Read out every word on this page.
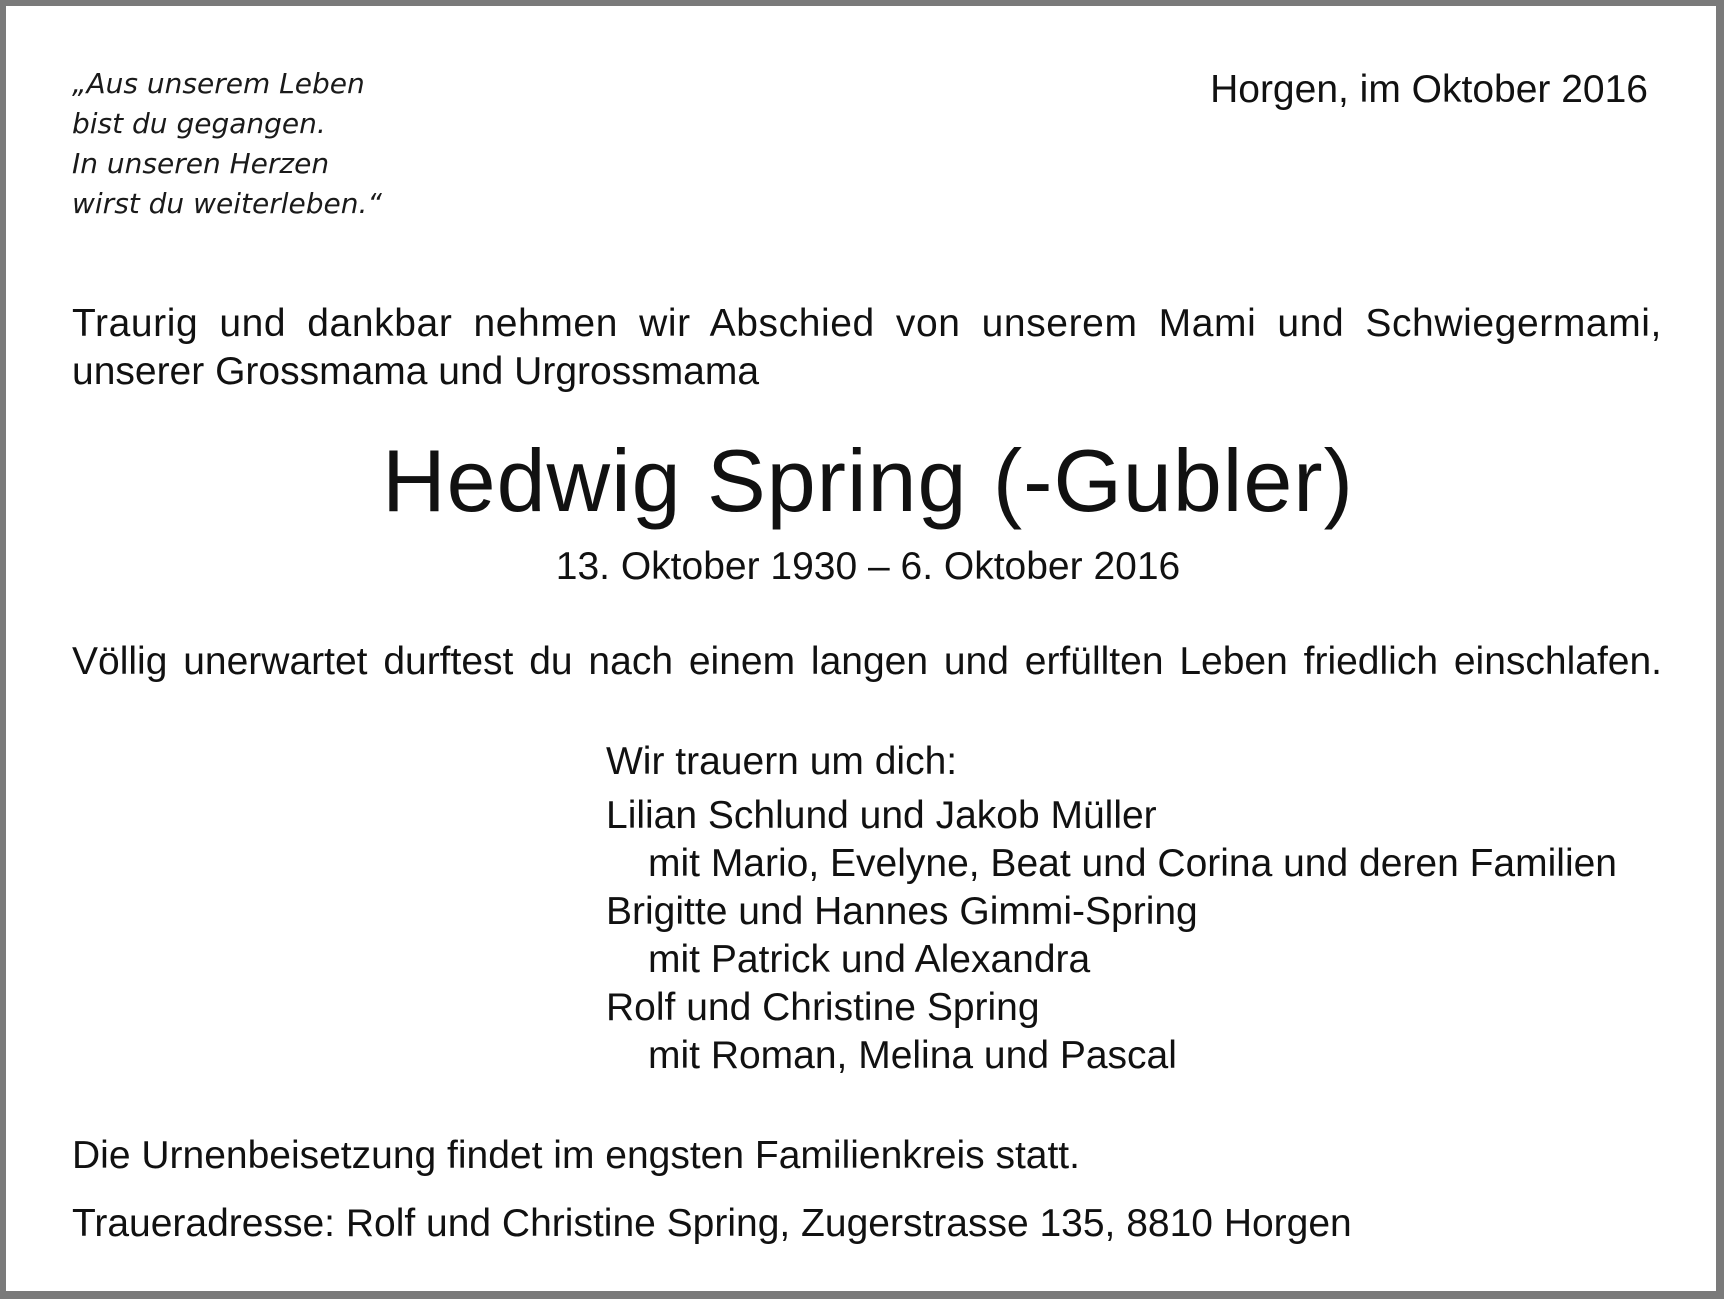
„Aus unserem Leben
bist du gegangen.
In unseren Herzen
wirst du weiterleben.“
Horgen, im Oktober 2016
Traurig und dankbar nehmen wir Abschied von unserem Mami und Schwiegermami,
unserer Grossmama und Urgrossmama
Hedwig Spring (-Gubler)
13. Oktober 1930 – 6. Oktober 2016
Völlig unerwartet durftest du nach einem langen und erfüllten Leben friedlich einschlafen.
Wir trauern um dich:
Lilian Schlund und Jakob Müller
mit Mario, Evelyne, Beat und Corina und deren Familien
Brigitte und Hannes Gimmi-Spring
mit Patrick und Alexandra
Rolf und Christine Spring
mit Roman, Melina und Pascal
Die Urnenbeisetzung findet im engsten Familienkreis statt.
Traueradresse: Rolf und Christine Spring, Zugerstrasse 135, 8810 Horgen
